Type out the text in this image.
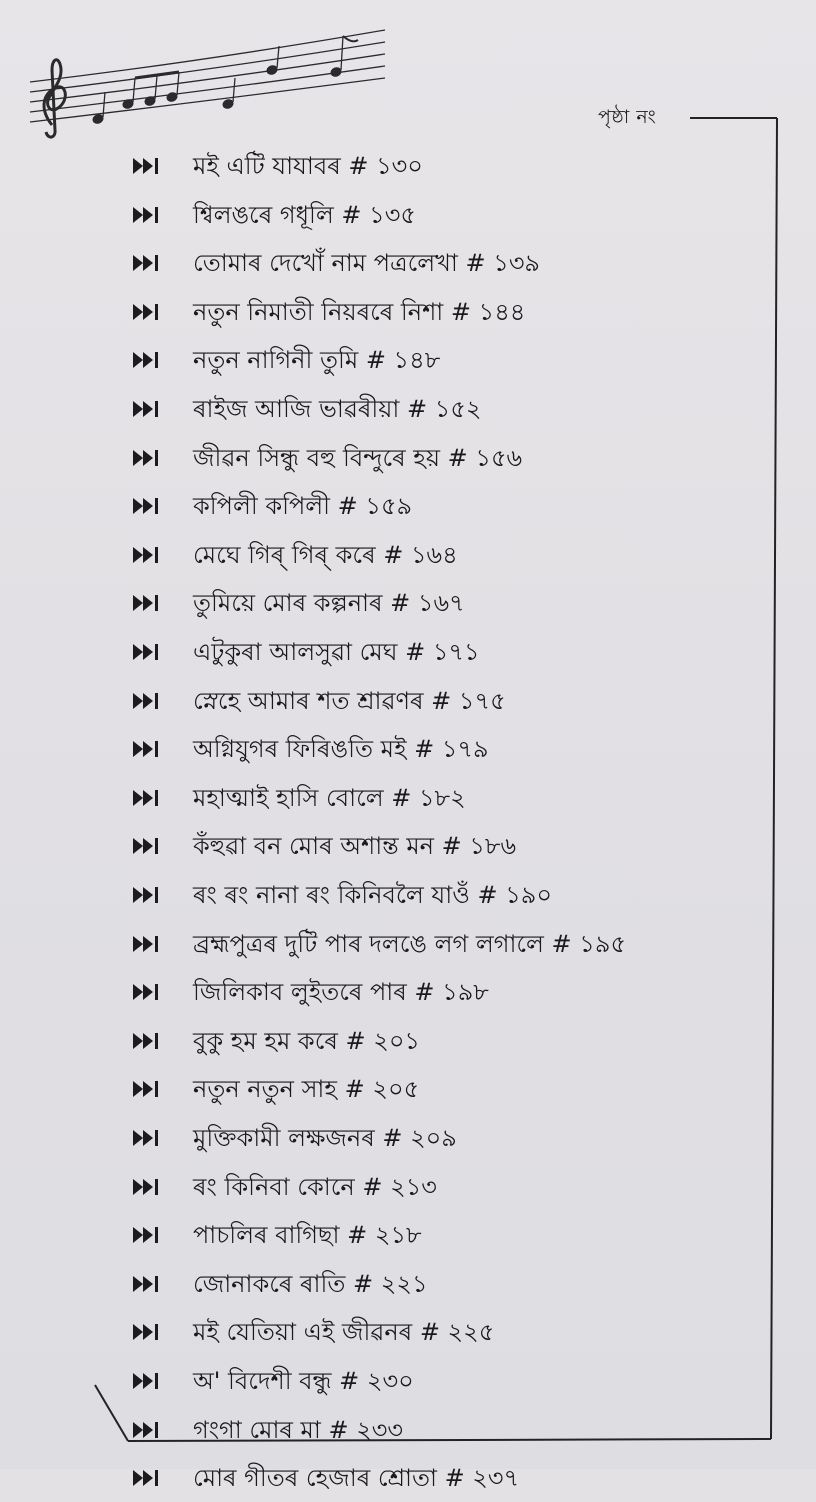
পৃষ্ঠা নং
মই এটি যাযাবৰ # ১৩০
শ্বিলঙৰে গধূলি # ১৩৫
তোমাৰ দেখোঁ নাম পত্ৰলেখা # ১৩৯
নতুন নিমাতী নিয়ৰৰে নিশা # ১৪৪
নতুন নাগিনী তুমি # ১৪৮
ৰাইজ আজি ভাৱৰীয়া # ১৫২
জীৱন সিন্ধু বহু বিন্দুৰে হয় # ১৫৬
কপিলী কপিলী # ১৫৯
মেঘে গিৰ্ গিৰ্ কৰে # ১৬৪
তুমিয়ে মোৰ কল্পনাৰ # ১৬৭
এটুকুৰা আলসুৱা মেঘ # ১৭১
স্নেহে আমাৰ শত শ্ৰাৱণৰ # ১৭৫
অগ্নিযুগৰ ফিৰিঙতি মই # ১৭৯
মহাত্মাই হাসি বোলে # ১৮২
কঁহুৱা বন মোৰ অশান্ত মন # ১৮৬
ৰং ৰং নানা ৰং কিনিবলৈ যাওঁ # ১৯০
ব্ৰহ্মপুত্ৰৰ দুটি পাৰ দলঙে লগ লগালে # ১৯৫
জিলিকাব লুইতৰে পাৰ # ১৯৮
বুকু হম হম কৰে # ২০১
নতুন নতুন সাহ # ২০৫
মুক্তিকামী লক্ষজনৰ # ২০৯
ৰং কিনিবা কোনে # ২১৩
পাচলিৰ বাগিছা # ২১৮
জোনাকৰে ৰাতি # ২২১
মই যেতিয়া এই জীৱনৰ # ২২৫
অ' বিদেশী বন্ধু # ২৩০
গংগা মোৰ মা # ২৩৩
মোৰ গীতৰ হেজাৰ শ্ৰোতা # ২৩৭
